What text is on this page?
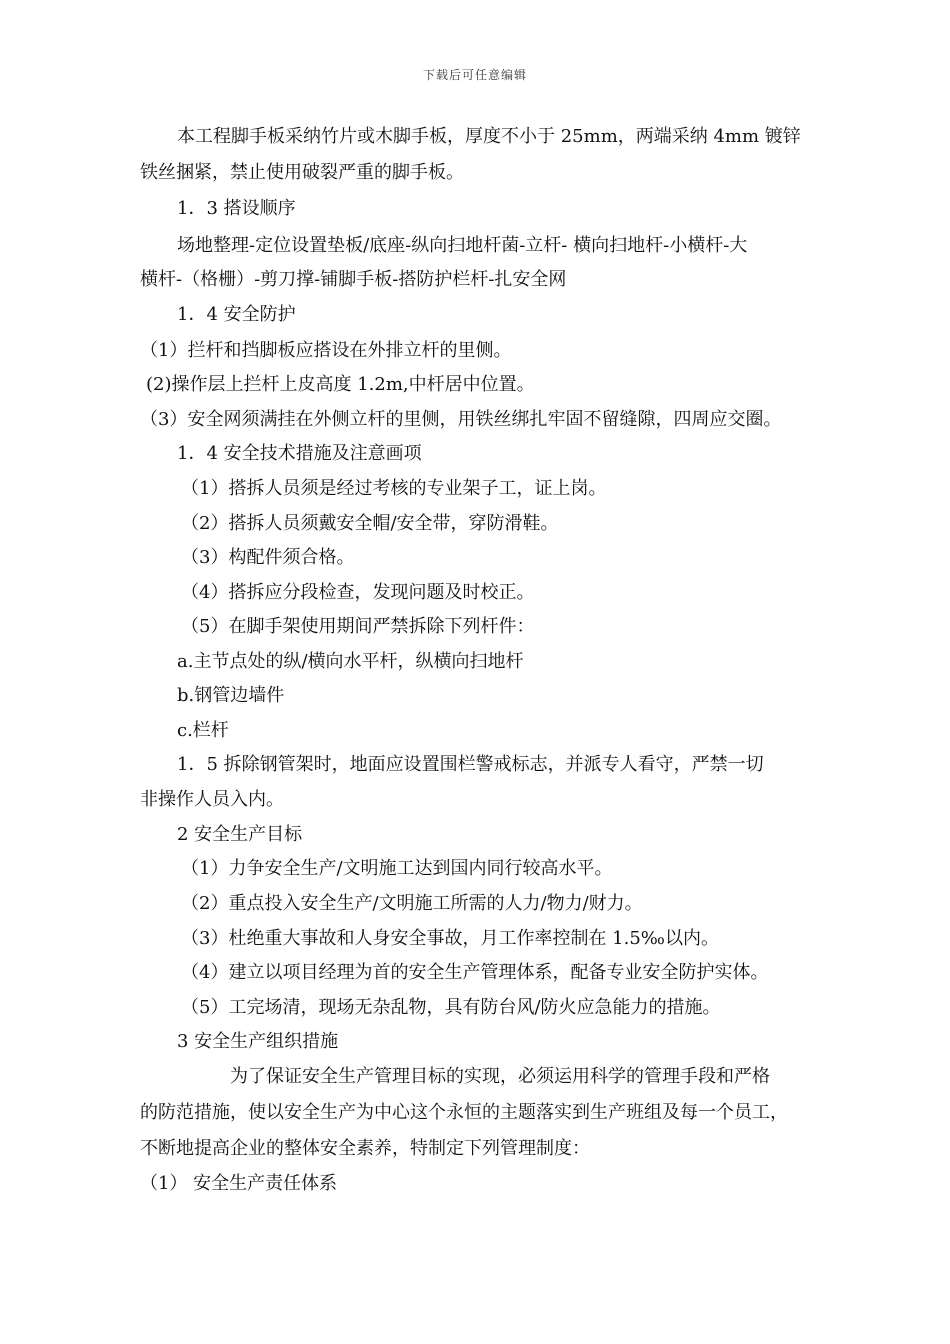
下载后可任意编辑
本工程脚手板采纳竹片或木脚手板，厚度不小于 25mm，两端采纳 4mm 镀锌
铁丝捆紧，禁止使用破裂严重的脚手板。
1．3 搭设顺序
场地整理-定位设置垫板/底座-纵向扫地杆菌-立杆- 横向扫地杆-小横杆-大
横杆-（格栅）-剪刀撑-铺脚手板-搭防护栏杆-扎安全网
1．4 安全防护
（1）拦杆和挡脚板应搭设在外排立杆的里侧。
(2)操作层上拦杆上皮高度 1.2m,中杆居中位置。
（3）安全网须满挂在外侧立杆的里侧，用铁丝绑扎牢固不留缝隙，四周应交圈。
1．4 安全技术措施及注意画项
（1）搭拆人员须是经过考核的专业架子工，证上岗。
（2）搭拆人员须戴安全帽/安全带，穿防滑鞋。
（3）构配件须合格。
（4）搭拆应分段检查，发现问题及时校正。
（5）在脚手架使用期间严禁拆除下列杆件：
a.主节点处的纵/横向水平杆，纵横向扫地杆
b.钢管边墙件
c.栏杆
1．5 拆除钢管架时，地面应设置围栏警戒标志，并派专人看守，严禁一切
非操作人员入内。
2 安全生产目标
（1）力争安全生产/文明施工达到国内同行较高水平。
（2）重点投入安全生产/文明施工所需的人力/物力/财力。
（3）杜绝重大事故和人身安全事故，月工作率控制在 1.5‰以内。
（4）建立以项目经理为首的安全生产管理体系，配备专业安全防护实体。
（5）工完场清，现场无杂乱物，具有防台风/防火应急能力的措施。
3 安全生产组织措施
为了保证安全生产管理目标的实现，必须运用科学的管理手段和严格
的防范措施，使以安全生产为中心这个永恒的主题落实到生产班组及每一个员工，
不断地提高企业的整体安全素养，特制定下列管理制度：
（1） 安全生产责任体系
